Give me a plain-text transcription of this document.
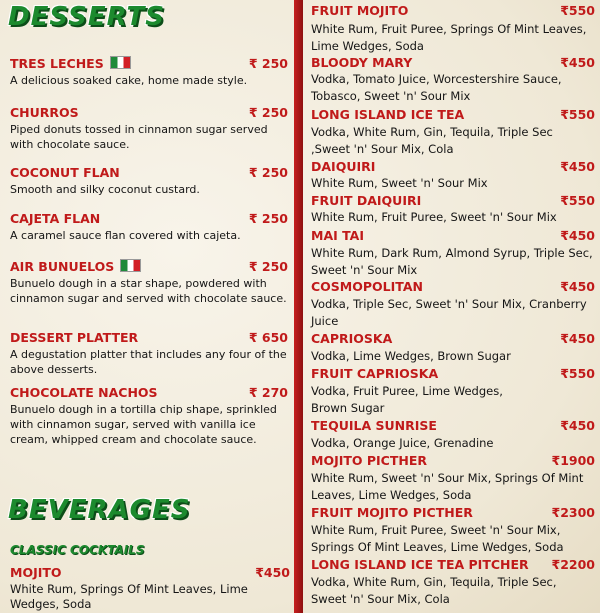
DESSERTS
TRES LECHES	₹ 250
A delicious soaked cake, home made style.
CHURROS	₹ 250
Piped donuts tossed in cinnamon sugar served with chocolate sauce.
COCONUT FLAN	₹ 250
Smooth and silky coconut custard.
CAJETA FLAN	₹ 250
A caramel sauce flan covered with cajeta.
AIR BUNUELOS	₹ 250
Bunuelo dough in a star shape, powdered with cinnamon sugar and served with chocolate sauce.
DESSERT PLATTER	₹ 650
A degustation platter that includes any four of the above desserts.
CHOCOLATE NACHOS	₹ 270
Bunuelo dough in a tortilla chip shape, sprinkled with cinnamon sugar, served with vanilla ice cream, whipped cream and chocolate sauce.
BEVERAGES
CLASSIC COCKTAILS
MOJITO	₹450
White Rum, Springs Of Mint Leaves, Lime Wedges, Soda
FRUIT MOJITO	₹550
White Rum, Fruit Puree, Springs Of Mint Leaves, Lime Wedges, Soda
BLOODY MARY	₹450
Vodka, Tomato Juice, Worcestershire Sauce, Tobasco, Sweet 'n' Sour Mix
LONG ISLAND ICE TEA	₹550
Vodka, White Rum, Gin, Tequila, Triple Sec ,Sweet 'n' Sour Mix, Cola
DAIQUIRI	₹450
White Rum, Sweet 'n' Sour Mix
FRUIT DAIQUIRI	₹550
White Rum, Fruit Puree, Sweet 'n' Sour Mix
MAI TAI	₹450
White Rum, Dark Rum, Almond Syrup, Triple Sec, Sweet 'n' Sour Mix
COSMOPOLITAN	₹450
Vodka, Triple Sec, Sweet 'n' Sour Mix, Cranberry Juice
CAPRIOSKA	₹450
Vodka, Lime Wedges, Brown Sugar
FRUIT CAPRIOSKA	₹550
Vodka, Fruit Puree, Lime Wedges, Brown Sugar
TEQUILA SUNRISE	₹450
Vodka, Orange Juice, Grenadine
MOJITO PICTHER	₹1900
White Rum, Sweet 'n' Sour Mix, Springs Of Mint Leaves, Lime Wedges, Soda
FRUIT MOJITO PICTHER	₹2300
White Rum, Fruit Puree, Sweet 'n' Sour Mix, Springs Of Mint Leaves, Lime Wedges, Soda
LONG ISLAND ICE TEA PITCHER ₹2200
Vodka, White Rum, Gin, Tequila, Triple Sec, Sweet 'n' Sour Mix, Cola
